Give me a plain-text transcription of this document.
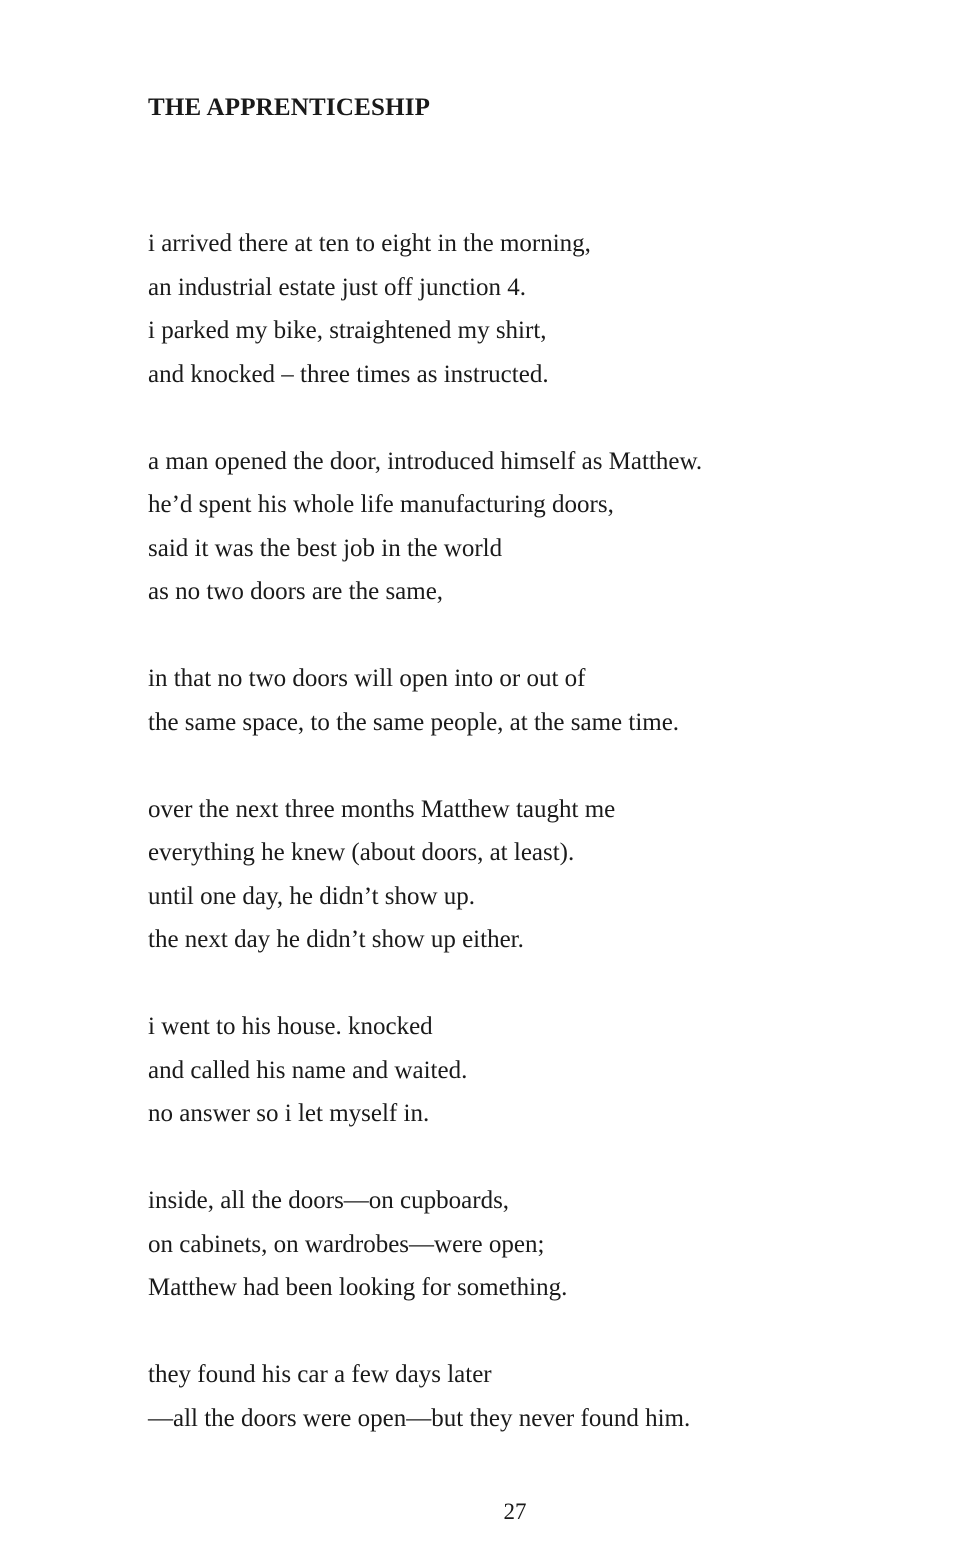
THE APPRENTICESHIP
i arrived there at ten to eight in the morning,
an industrial estate just off junction 4.
i parked my bike, straightened my shirt,
and knocked – three times as instructed.
a man opened the door, introduced himself as Matthew.
he’d spent his whole life manufacturing doors,
said it was the best job in the world
as no two doors are the same,
in that no two doors will open into or out of
the same space, to the same people, at the same time.
over the next three months Matthew taught me
everything he knew (about doors, at least).
until one day, he didn’t show up.
the next day he didn’t show up either.
i went to his house. knocked
and called his name and waited.
no answer so i let myself in.
inside, all the doors—on cupboards,
on cabinets, on wardrobes—were open;
Matthew had been looking for something.
they found his car a few days later
—all the doors were open—but they never found him.

27
